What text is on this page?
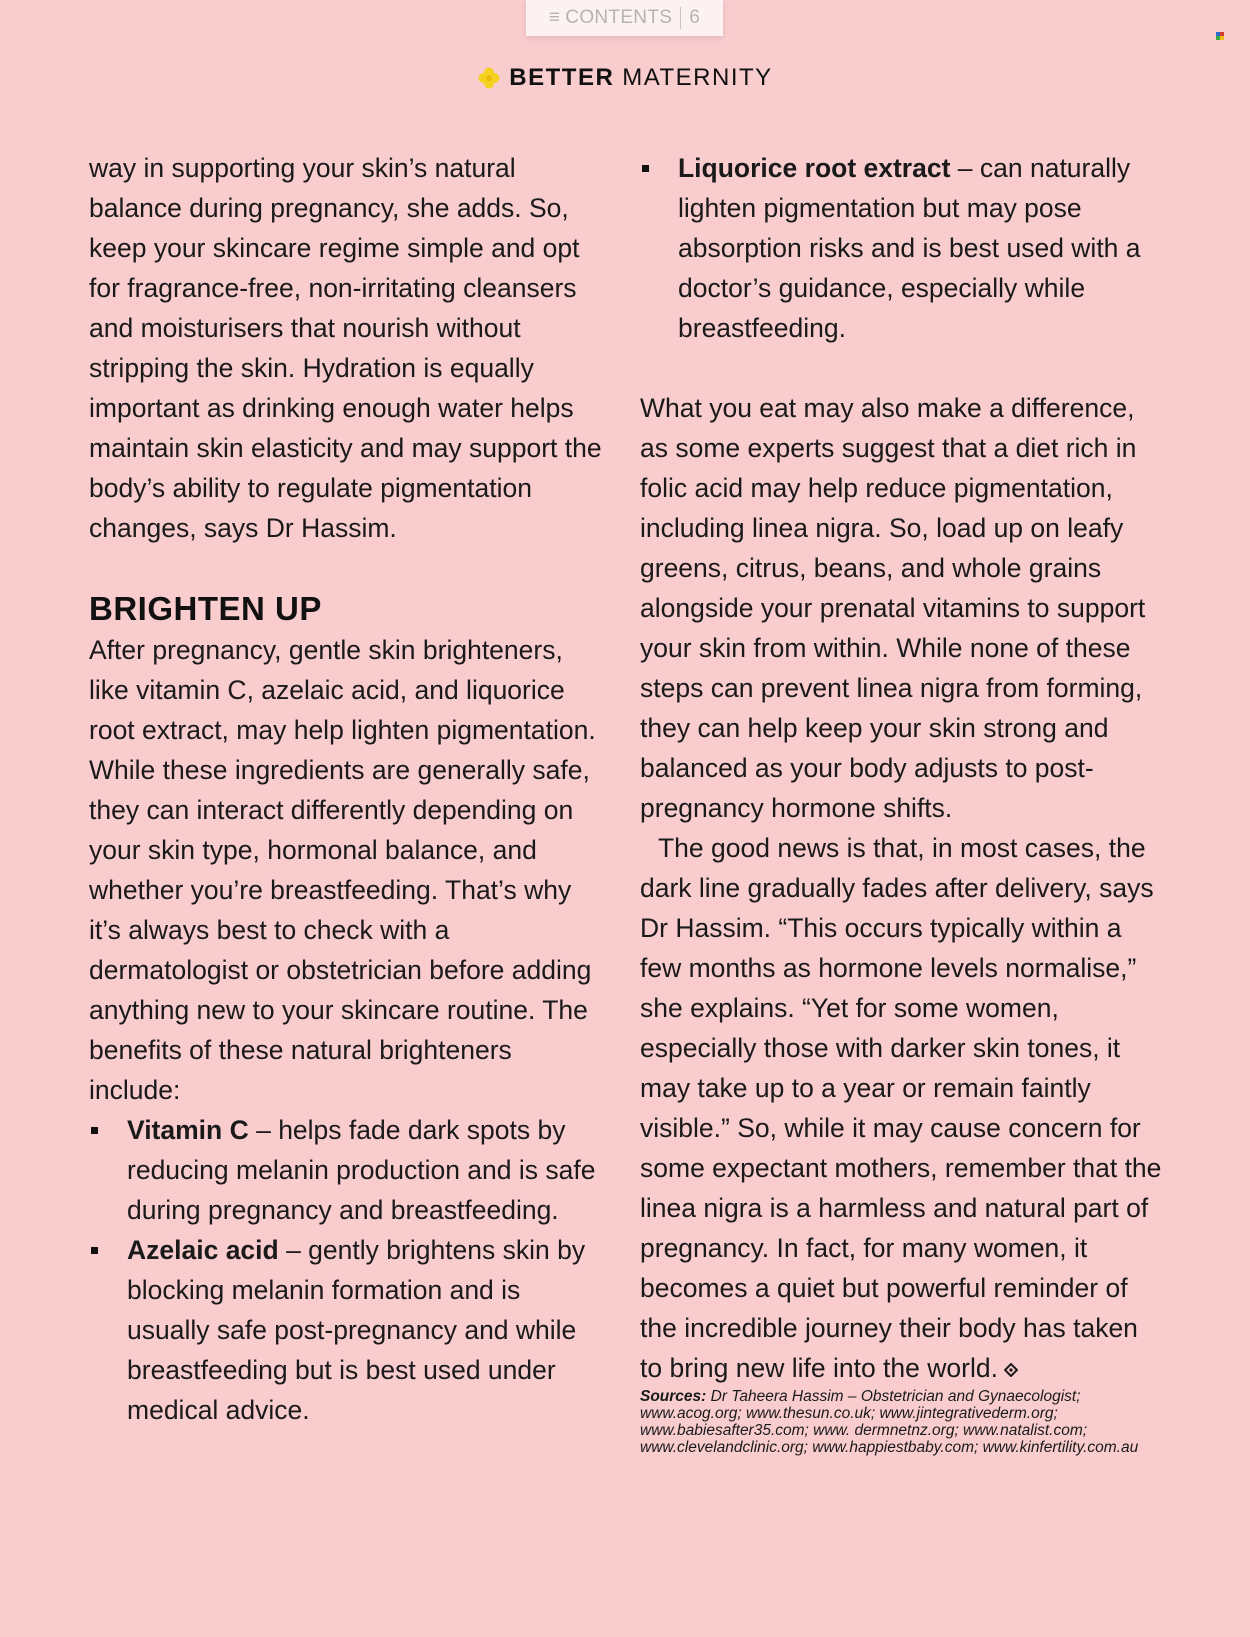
≡ CONTENTS 6
BETTER MATERNITY

way in supporting your skin’s natural balance during pregnancy, she adds. So, keep your skincare regime simple and opt for fragrance-free, non-irritating cleansers and moisturisers that nourish without stripping the skin. Hydration is equally important as drinking enough water helps maintain skin elasticity and may support the body’s ability to regulate pigmentation changes, says Dr Hassim.

BRIGHTEN UP

After pregnancy, gentle skin brighteners, like vitamin C, azelaic acid, and liquorice root extract, may help lighten pigmentation. While these ingredients are generally safe, they can interact differently depending on your skin type, hormonal balance, and whether you’re breastfeeding. That’s why it’s always best to check with a dermatologist or obstetrician before adding anything new to your skincare routine. The benefits of these natural brighteners include:

Vitamin C – helps fade dark spots by reducing melanin production and is safe during pregnancy and breastfeeding.
Azelaic acid – gently brightens skin by blocking melanin formation and is usually safe post-pregnancy and while breastfeeding but is best used under medical advice.
Liquorice root extract – can naturally lighten pigmentation but may pose absorption risks and is best used with a doctor’s guidance, especially while breastfeeding.

What you eat may also make a difference, as some experts suggest that a diet rich in folic acid may help reduce pigmentation, including linea nigra. So, load up on leafy greens, citrus, beans, and whole grains alongside your prenatal vitamins to support your skin from within. While none of these steps can prevent linea nigra from forming, they can help keep your skin strong and balanced as your body adjusts to post-pregnancy hormone shifts.

The good news is that, in most cases, the dark line gradually fades after delivery, says Dr Hassim. “This occurs typically within a few months as hormone levels normalise,” she explains. “Yet for some women, especially those with darker skin tones, it may take up to a year or remain faintly visible.” So, while it may cause concern for some expectant mothers, remember that the linea nigra is a harmless and natural part of pregnancy. In fact, for many women, it becomes a quiet but powerful reminder of the incredible journey their body has taken to bring new life into the world.

Sources: Dr Taheera Hassim – Obstetrician and Gynaecologist; www.acog.org; www.thesun.co.uk; www.jintegrativederm.org; www.babiesafter35.com; www. dermnetnz.org; www.natalist.com; www.clevelandclinic.org; www.happiestbaby.com; www.kinfertility.com.au
